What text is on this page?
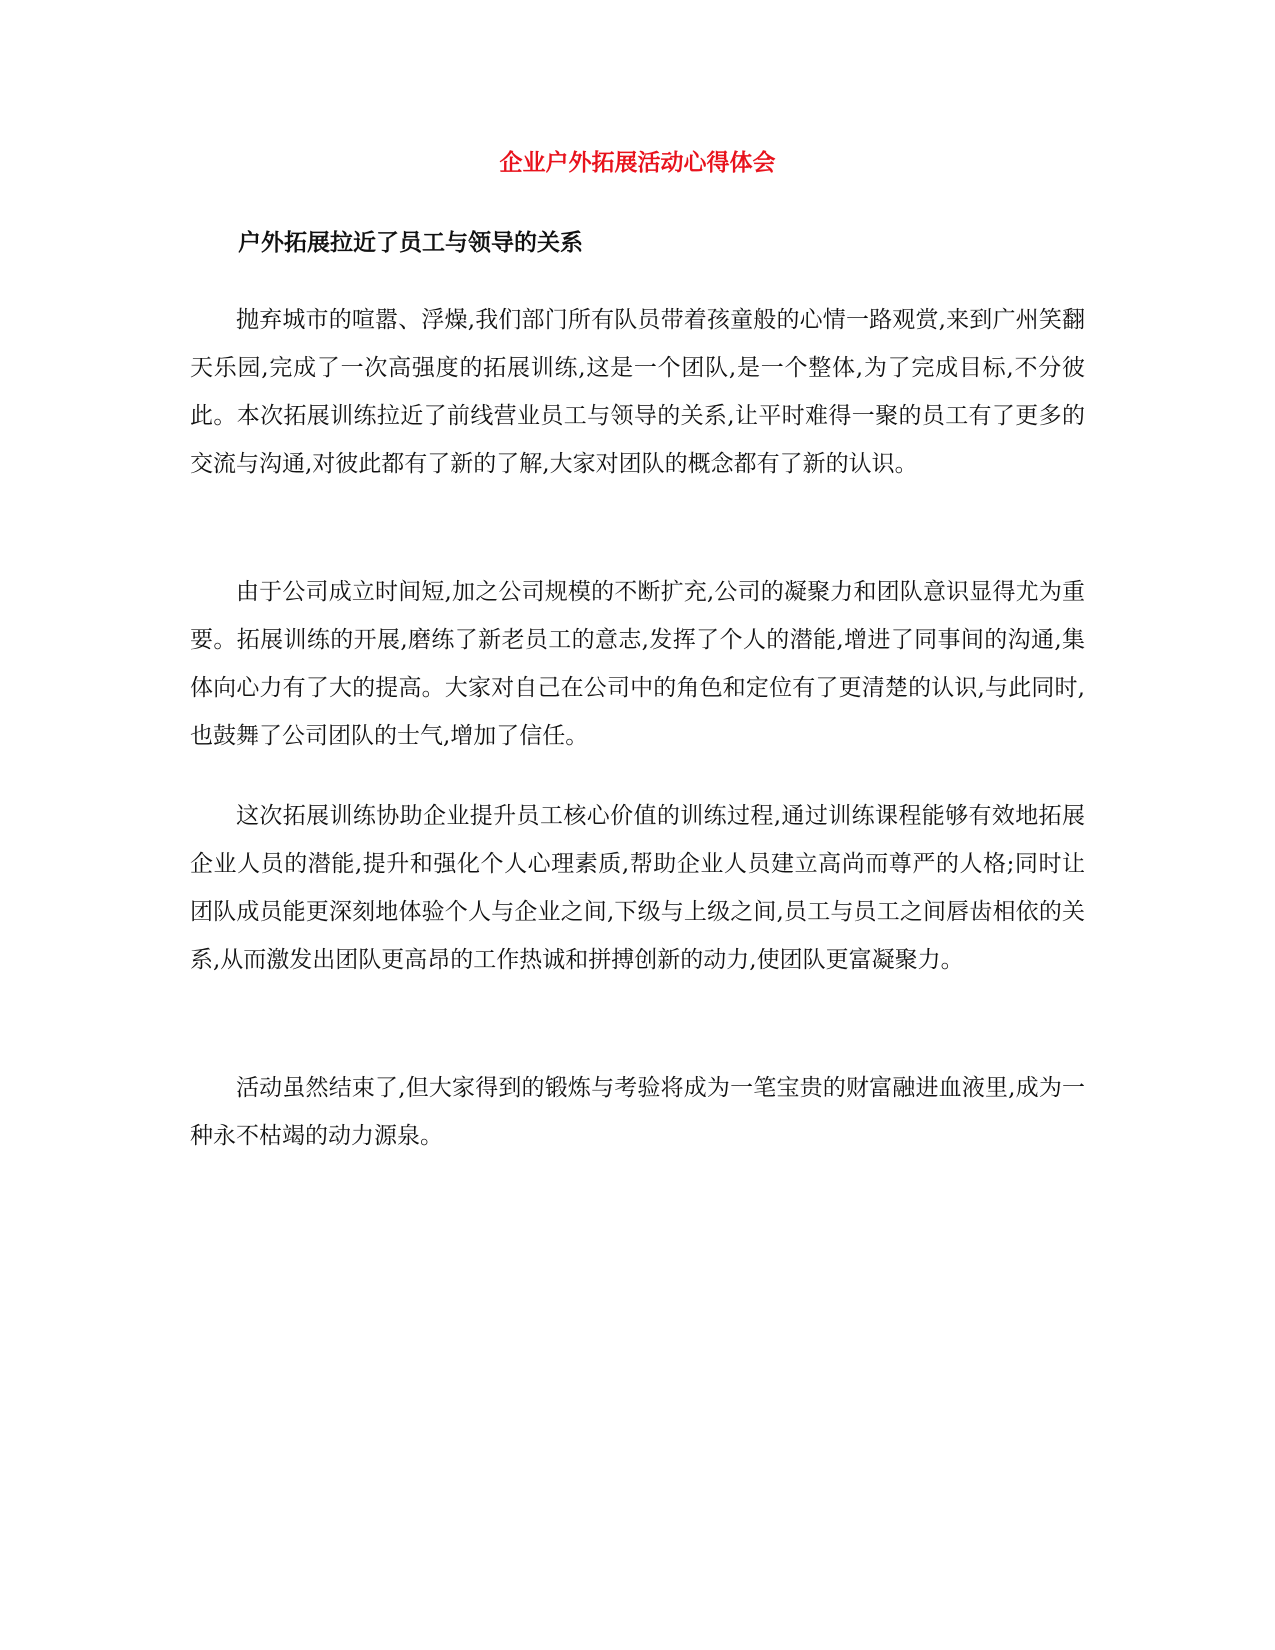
企业户外拓展活动心得体会
户外拓展拉近了员工与领导的关系

抛弃城市的喧嚣、浮燥,我们部门所有队员带着孩童般的心情一路观赏,来到广州笑翻天乐园,完成了一次高强度的拓展训练,这是一个团队,是一个整体,为了完成目标,不分彼此。本次拓展训练拉近了前线营业员工与领导的关系,让平时难得一聚的员工有了更多的交流与沟通,对彼此都有了新的了解,大家对团队的概念都有了新的认识。

由于公司成立时间短,加之公司规模的不断扩充,公司的凝聚力和团队意识显得尤为重要。拓展训练的开展,磨练了新老员工的意志,发挥了个人的潜能,增进了同事间的沟通,集体向心力有了大的提高。大家对自己在公司中的角色和定位有了更清楚的认识,与此同时,也鼓舞了公司团队的士气,增加了信任。

这次拓展训练协助企业提升员工核心价值的训练过程,通过训练课程能够有效地拓展企业人员的潜能,提升和强化个人心理素质,帮助企业人员建立高尚而尊严的人格;同时让团队成员能更深刻地体验个人与企业之间,下级与上级之间,员工与员工之间唇齿相依的关系,从而激发出团队更高昂的工作热诚和拼搏创新的动力,使团队更富凝聚力。

活动虽然结束了,但大家得到的锻炼与考验将成为一笔宝贵的财富融进血液里,成为一种永不枯竭的动力源泉。
